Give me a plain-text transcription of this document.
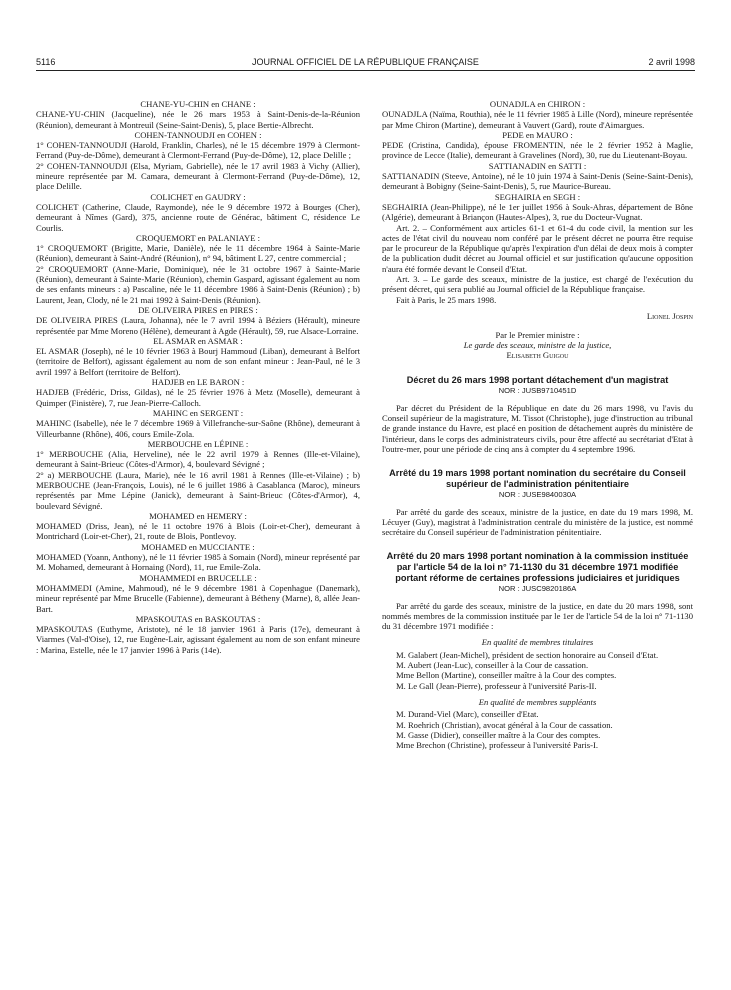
5116	JOURNAL OFFICIEL DE LA RÉPUBLIQUE FRANÇAISE	2 avril 1998

CHANE-YU-CHIN en CHANE :

CHANE-YU-CHIN (Jacqueline), née le 26 mars 1953 à Saint-Denis-de-la-Réunion (Réunion), demeurant à Montreuil (Seine-Saint-Denis), 5, place Bertie-Albrecht.

COHEN-TANNOUDJI en COHEN :

1° COHEN-TANNOUDJI (Harold, Franklin, Charles), né le 15 décembre 1979 à Clermont-Ferrand (Puy-de-Dôme), demeurant à Clermont-Ferrand (Puy-de-Dôme), 12, place Delille ;

2° COHEN-TANNOUDJI (Elsa, Myriam, Gabrielle), née le 17 avril 1983 à Vichy (Allier), mineure représentée par M. Camara, demeurant à Clermont-Ferrand (Puy-de-Dôme), 12, place Delille.

COLICHET en GAUDRY :

COLICHET (Catherine, Claude, Raymonde), née le 9 décembre 1972 à Bourges (Cher), demeurant à Nîmes (Gard), 375, ancienne route de Générac, bâtiment C, résidence Le Courlis.

CROQUEMORT en PALANIAYE :

1° CROQUEMORT (Brigitte, Marie, Danièle), née le 11 décembre 1964 à Sainte-Marie (Réunion), demeurant à Saint-André (Réunion), n° 94, bâtiment L 27, centre commercial ;

2° CROQUEMORT (Anne-Marie, Dominique), née le 31 octobre 1967 à Sainte-Marie (Réunion), demeurant à Sainte-Marie (Réunion), chemin Gaspard, agissant également au nom de ses enfants mineurs : a) Pascaline, née le 11 décembre 1986 à Saint-Denis (Réunion) ; b) Laurent, Jean, Clody, né le 21 mai 1992 à Saint-Denis (Réunion).

DE OLIVEIRA PIRES en PIRES :

DE OLIVEIRA PIRES (Laura, Johanna), née le 7 avril 1994 à Béziers (Hérault), mineure représentée par Mme Moreno (Hélène), demeurant à Agde (Hérault), 59, rue Alsace-Lorraine.

EL ASMAR en ASMAR :

EL ASMAR (Joseph), né le 10 février 1963 à Bourj Hammoud (Liban), demeurant à Belfort (territoire de Belfort), agissant également au nom de son enfant mineur : Jean-Paul, né le 3 avril 1997 à Belfort (territoire de Belfort).

HADJEB en LE BARON :

HADJEB (Frédéric, Driss, Gildas), né le 25 février 1976 à Metz (Moselle), demeurant à Quimper (Finistère), 7, rue Jean-Pierre-Calloch.

MAHINC en SERGENT :

MAHINC (Isabelle), née le 7 décembre 1969 à Villefranche-sur-Saône (Rhône), demeurant à Villeurbanne (Rhône), 406, cours Emile-Zola.

MERBOUCHE en LÉPINE :

1° MERBOUCHE (Alia, Herveline), née le 22 avril 1979 à Rennes (Ille-et-Vilaine), demeurant à Saint-Brieuc (Côtes-d'Armor), 4, boulevard Sévigné ;

2° a) MERBOUCHE (Laura, Marie), née le 16 avril 1981 à Rennes (Ille-et-Vilaine) ; b) MERBOUCHE (Jean-François, Louis), né le 6 juillet 1986 à Casablanca (Maroc), mineurs représentés par Mme Lépine (Janick), demeurant à Saint-Brieuc (Côtes-d'Armor), 4, boulevard Sévigné.

MOHAMED en HEMERY :

MOHAMED (Driss, Jean), né le 11 octobre 1976 à Blois (Loir-et-Cher), demeurant à Montrichard (Loir-et-Cher), 21, route de Blois, Pontlevoy.

MOHAMED en MUCCIANTE :

MOHAMED (Yoann, Anthony), né le 11 février 1985 à Somain (Nord), mineur représenté par M. Mohamed, demeurant à Hornaing (Nord), 11, rue Emile-Zola.

MOHAMMEDI en BRUCELLE :

MOHAMMEDI (Amine, Mahmoud), né le 9 décembre 1981 à Copenhague (Danemark), mineur représenté par Mme Brucelle (Fabienne), demeurant à Bétheny (Marne), 8, allée Jean-Bart.

MPASKOUTAS en BASKOUTAS :

MPASKOUTAS (Euthyme, Aristote), né le 18 janvier 1961 à Paris (17e), demeurant à Viarmes (Val-d'Oise), 12, rue Eugène-Lair, agissant également au nom de son enfant mineure : Marina, Estelle, née le 17 janvier 1996 à Paris (14e).

OUNADJLA en CHIRON :

OUNADJLA (Naïma, Routhia), née le 11 février 1985 à Lille (Nord), mineure représentée par Mme Chiron (Martine), demeurant à Vauvert (Gard), route d'Aimargues.

PEDE en MAURO :

PEDE (Cristina, Candida), épouse FROMENTIN, née le 2 février 1952 à Maglie, province de Lecce (Italie), demeurant à Gravelines (Nord), 30, rue du Lieutenant-Boyau.

SATTIANADIN en SATTI :

SATTIANADIN (Steeve, Antoine), né le 10 juin 1974 à Saint-Denis (Seine-Saint-Denis), demeurant à Bobigny (Seine-Saint-Denis), 5, rue Maurice-Bureau.

SEGHAIRIA en SEGH :

SEGHAIRIA (Jean-Philippe), né le 1er juillet 1956 à Souk-Ahras, département de Bône (Algérie), demeurant à Briançon (Hautes-Alpes), 3, rue du Docteur-Vugnat.

Art. 2. – Conformément aux articles 61-1 et 61-4 du code civil, la mention sur les actes de l'état civil du nouveau nom conféré par le présent décret ne pourra être requise par le procureur de la République qu'après l'expiration d'un délai de deux mois à compter de la publication dudit décret au Journal officiel et sur justification qu'aucune opposition n'aura été formée devant le Conseil d'Etat.

Art. 3. – Le garde des sceaux, ministre de la justice, est chargé de l'exécution du présent décret, qui sera publié au Journal officiel de la République française.

Fait à Paris, le 25 mars 1998.

Lionel Jospin

Par le Premier ministre :

Le garde des sceaux, ministre de la justice,

Elisabeth Guigou

Décret du 26 mars 1998 portant détachement d'un magistrat

NOR : JUSB9710451D

Par décret du Président de la République en date du 26 mars 1998, vu l'avis du Conseil supérieur de la magistrature, M. Tissot (Christophe), juge d'instruction au tribunal de grande instance du Havre, est placé en position de détachement auprès du ministère de l'intérieur, dans le corps des administrateurs civils, pour être affecté au secrétariat d'Etat à l'outre-mer, pour une période de cinq ans à compter du 4 septembre 1996.

Arrêté du 19 mars 1998 portant nomination du secrétaire du Conseil supérieur de l'administration pénitentiaire

NOR : JUSE9840030A

Par arrêté du garde des sceaux, ministre de la justice, en date du 19 mars 1998, M. Lécuyer (Guy), magistrat à l'administration centrale du ministère de la justice, est nommé secrétaire du Conseil supérieur de l'administration pénitentiaire.

Arrêté du 20 mars 1998 portant nomination à la commission instituée par l'article 54 de la loi n° 71-1130 du 31 décembre 1971 modifiée portant réforme de certaines professions judiciaires et juridiques

NOR : JUSC9820186A

Par arrêté du garde des sceaux, ministre de la justice, en date du 20 mars 1998, sont nommés membres de la commission instituée par le 1er de l'article 54 de la loi n° 71-1130 du 31 décembre 1971 modifiée :

En qualité de membres titulaires

M. Galabert (Jean-Michel), président de section honoraire au Conseil d'Etat.

M. Aubert (Jean-Luc), conseiller à la Cour de cassation.

Mme Bellon (Martine), conseiller maître à la Cour des comptes.

M. Le Gall (Jean-Pierre), professeur à l'université Paris-II.

En qualité de membres suppléants

M. Durand-Viel (Marc), conseiller d'Etat.

M. Roehrich (Christian), avocat général à la Cour de cassation.

M. Gasse (Didier), conseiller maître à la Cour des comptes.

Mme Brechon (Christine), professeur à l'université Paris-I.
